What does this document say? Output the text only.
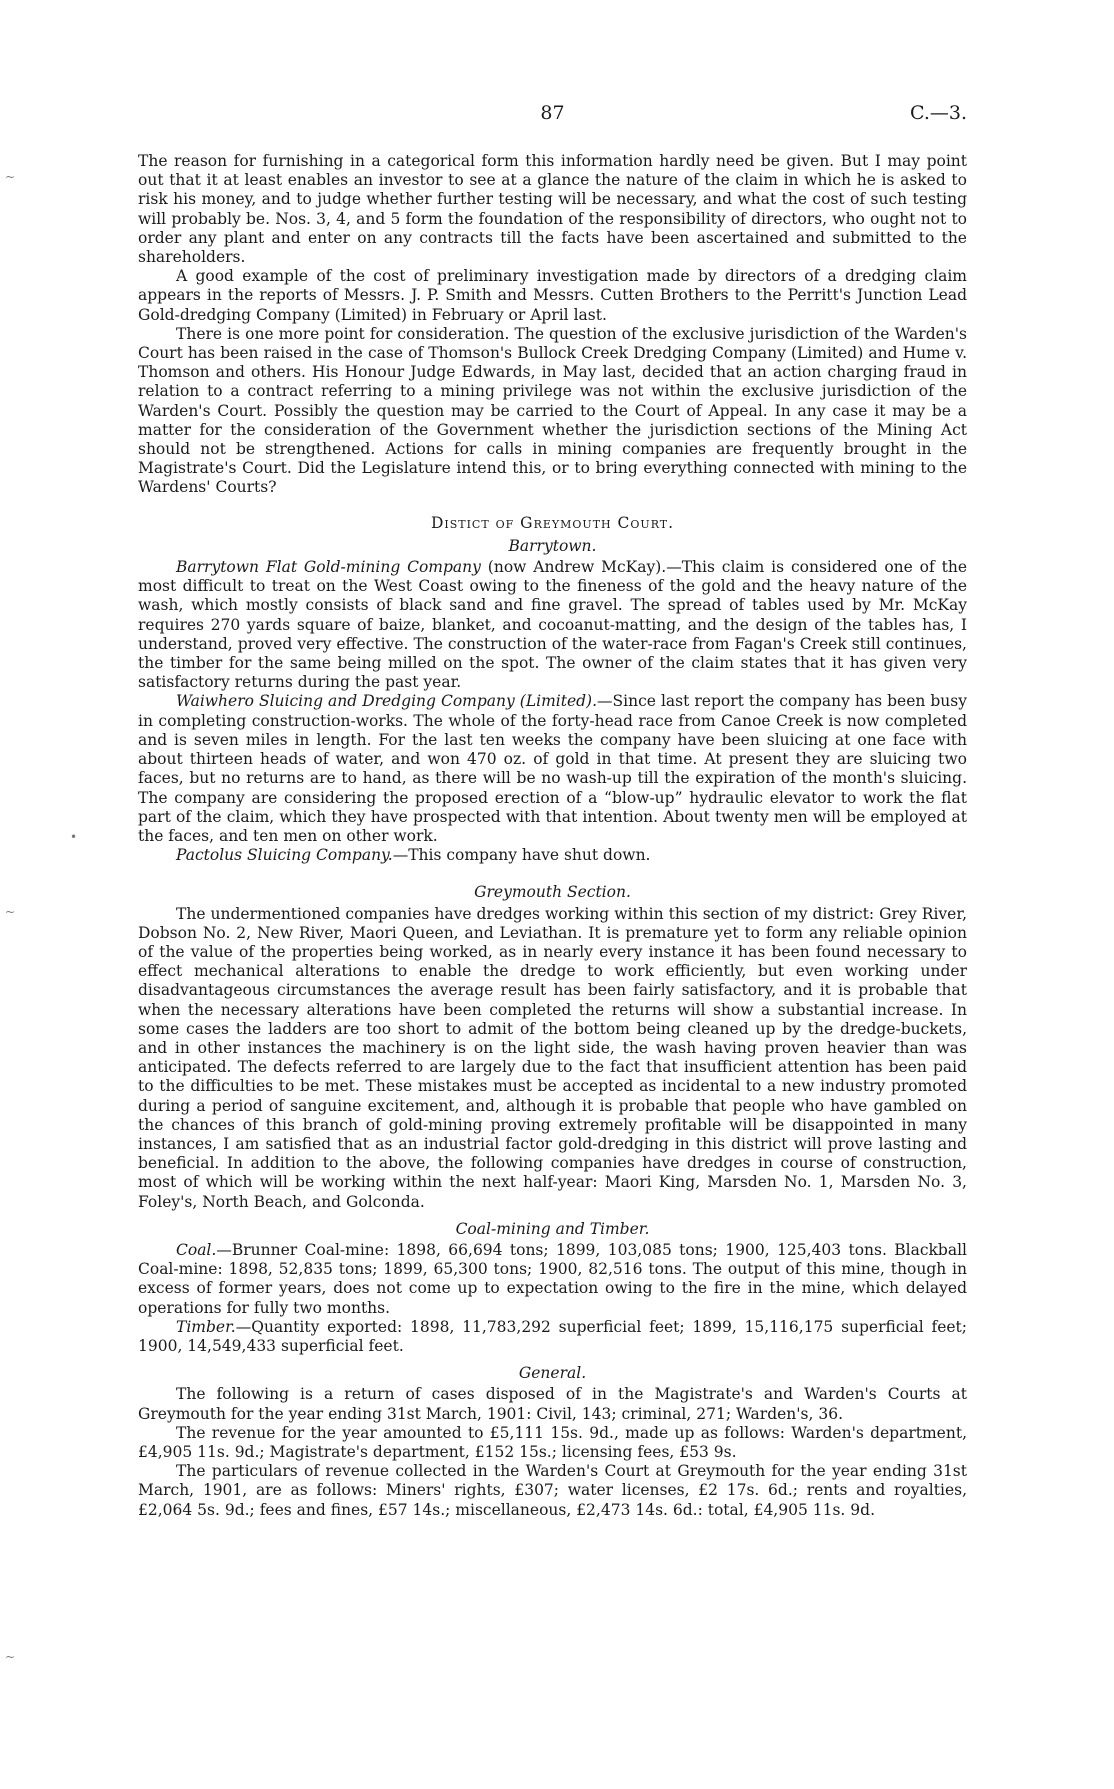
~
•
~
~
87	C.—3.

The reason for furnishing in a categorical form this information hardly need be given. But I may point out that it at least enables an investor to see at a glance the nature of the claim in which he is asked to risk his money, and to judge whether further testing will be necessary, and what the cost of such testing will probably be. Nos. 3, 4, and 5 form the foundation of the responsibility of directors, who ought not to order any plant and enter on any contracts till the facts have been ascertained and submitted to the shareholders.

A good example of the cost of preliminary investigation made by directors of a dredging claim appears in the reports of Messrs. J. P. Smith and Messrs. Cutten Brothers to the Perritt's Junction Lead Gold-dredging Company (Limited) in February or April last.

There is one more point for consideration. The question of the exclusive jurisdiction of the Warden's Court has been raised in the case of Thomson's Bullock Creek Dredging Company (Limited) and Hume v. Thomson and others. His Honour Judge Edwards, in May last, decided that an action charging fraud in relation to a contract referring to a mining privilege was not within the exclusive jurisdiction of the Warden's Court. Possibly the question may be carried to the Court of Appeal. In any case it may be a matter for the consideration of the Government whether the jurisdiction sections of the Mining Act should not be strengthened. Actions for calls in mining companies are frequently brought in the Magistrate's Court. Did the Legislature intend this, or to bring everything connected with mining to the Wardens' Courts?

Distict of Greymouth Court.
Barrytown.

Barrytown Flat Gold-mining Company (now Andrew McKay).—This claim is considered one of the most difficult to treat on the West Coast owing to the fineness of the gold and the heavy nature of the wash, which mostly consists of black sand and fine gravel. The spread of tables used by Mr. McKay requires 270 yards square of baize, blanket, and cocoanut-matting, and the design of the tables has, I understand, proved very effective. The construction of the water-race from Fagan's Creek still continues, the timber for the same being milled on the spot. The owner of the claim states that it has given very satisfactory returns during the past year.

Waiwhero Sluicing and Dredging Company (Limited).—Since last report the company has been busy in completing construction-works. The whole of the forty-head race from Canoe Creek is now completed and is seven miles in length. For the last ten weeks the company have been sluicing at one face with about thirteen heads of water, and won 470 oz. of gold in that time. At present they are sluicing two faces, but no returns are to hand, as there will be no wash-up till the expiration of the month's sluicing. The company are considering the proposed erection of a “blow-up” hydraulic elevator to work the flat part of the claim, which they have prospected with that intention. About twenty men will be employed at the faces, and ten men on other work.

Pactolus Sluicing Company.—This company have shut down.

Greymouth Section.

The undermentioned companies have dredges working within this section of my district: Grey River, Dobson No. 2, New River, Maori Queen, and Leviathan. It is premature yet to form any reliable opinion of the value of the properties being worked, as in nearly every instance it has been found necessary to effect mechanical alterations to enable the dredge to work efficiently, but even working under disadvantageous circumstances the average result has been fairly satisfactory, and it is probable that when the necessary alterations have been completed the returns will show a substantial increase. In some cases the ladders are too short to admit of the bottom being cleaned up by the dredge-buckets, and in other instances the machinery is on the light side, the wash having proven heavier than was anticipated. The defects referred to are largely due to the fact that insufficient attention has been paid to the difficulties to be met. These mistakes must be accepted as incidental to a new industry promoted during a period of sanguine excitement, and, although it is probable that people who have gambled on the chances of this branch of gold-mining proving extremely profitable will be disappointed in many instances, I am satisfied that as an industrial factor gold-dredging in this district will prove lasting and beneficial. In addition to the above, the following companies have dredges in course of construction, most of which will be working within the next half-year: Maori King, Marsden No. 1, Marsden No. 3, Foley's, North Beach, and Golconda.

Coal-mining and Timber.

Coal.—Brunner Coal-mine: 1898, 66,694 tons; 1899, 103,085 tons; 1900, 125,403 tons. Blackball Coal-mine: 1898, 52,835 tons; 1899, 65,300 tons; 1900, 82,516 tons. The output of this mine, though in excess of former years, does not come up to expectation owing to the fire in the mine, which delayed operations for fully two months.

Timber.—Quantity exported: 1898, 11,783,292 superficial feet; 1899, 15,116,175 superficial feet; 1900, 14,549,433 superficial feet.

General.

The following is a return of cases disposed of in the Magistrate's and Warden's Courts at Greymouth for the year ending 31st March, 1901: Civil, 143; criminal, 271; Warden's, 36.

The revenue for the year amounted to £5,111 15s. 9d., made up as follows: Warden's department, £4,905 11s. 9d.; Magistrate's department, £152 15s.; licensing fees, £53 9s.

The particulars of revenue collected in the Warden's Court at Greymouth for the year ending 31st March, 1901, are as follows: Miners' rights, £307; water licenses, £2 17s. 6d.; rents and royalties, £2,064 5s. 9d.; fees and fines, £57 14s.; miscellaneous, £2,473 14s. 6d.: total, £4,905 11s. 9d.
